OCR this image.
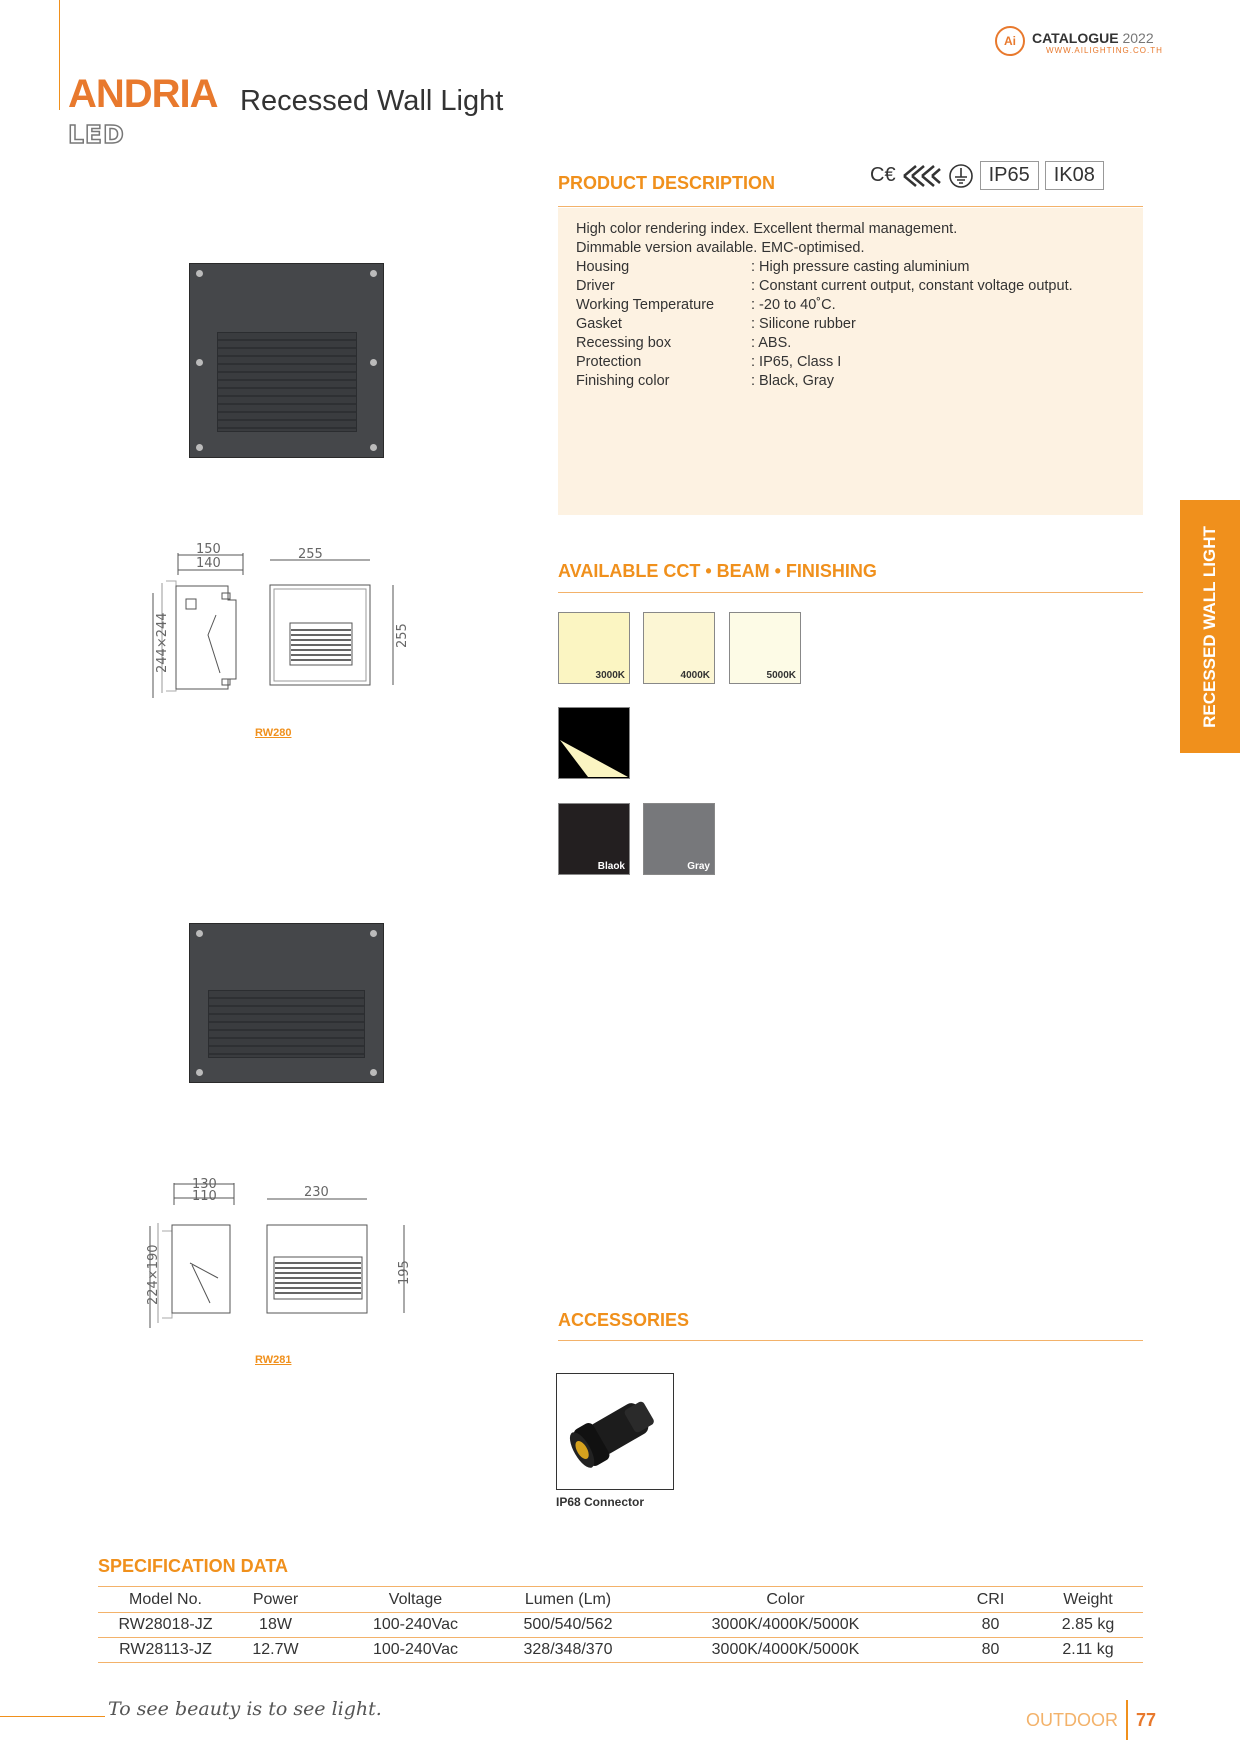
ANDRIA Recessed Wall Light
LED
Ai	CATALOGUE 2022
WWW.AILIGHTING.CO.TH
PRODUCT DESCRIPTION	C€	IP65	IK08
High color rendering index. Excellent thermal management.
Dimmable version available. EMC-optimised.
Housing	: High pressure casting aluminium
Driver	: Constant current output, constant voltage output.
Working Temperature	: -20 to 40˚C.
Gasket	: Silicone rubber
Recessing box	: ABS.
Protection	: IP65, Class I
Finishing color	: Black, Gray
AVAILABLE CCT • BEAM • FINISHING
3000K	4000K	5000K
Blaok	Gray
RECESSED WALL LIGHT
150
140
255
244×244	255
RW280
130
110	230
224×190	195
RW281
ACCESSORIES
IP68 Connector
SPECIFICATION DATA
Model No.	Power	Voltage	Lumen (Lm)	Color	CRI	Weight
RW28018-JZ	18W	100-240Vac	500/540/562	3000K/4000K/5000K	80	2.85 kg
RW28113-JZ	12.7W	100-240Vac	328/348/370	3000K/4000K/5000K	80	2.11 kg
To see beauty is to see light.	OUTDOOR 77
